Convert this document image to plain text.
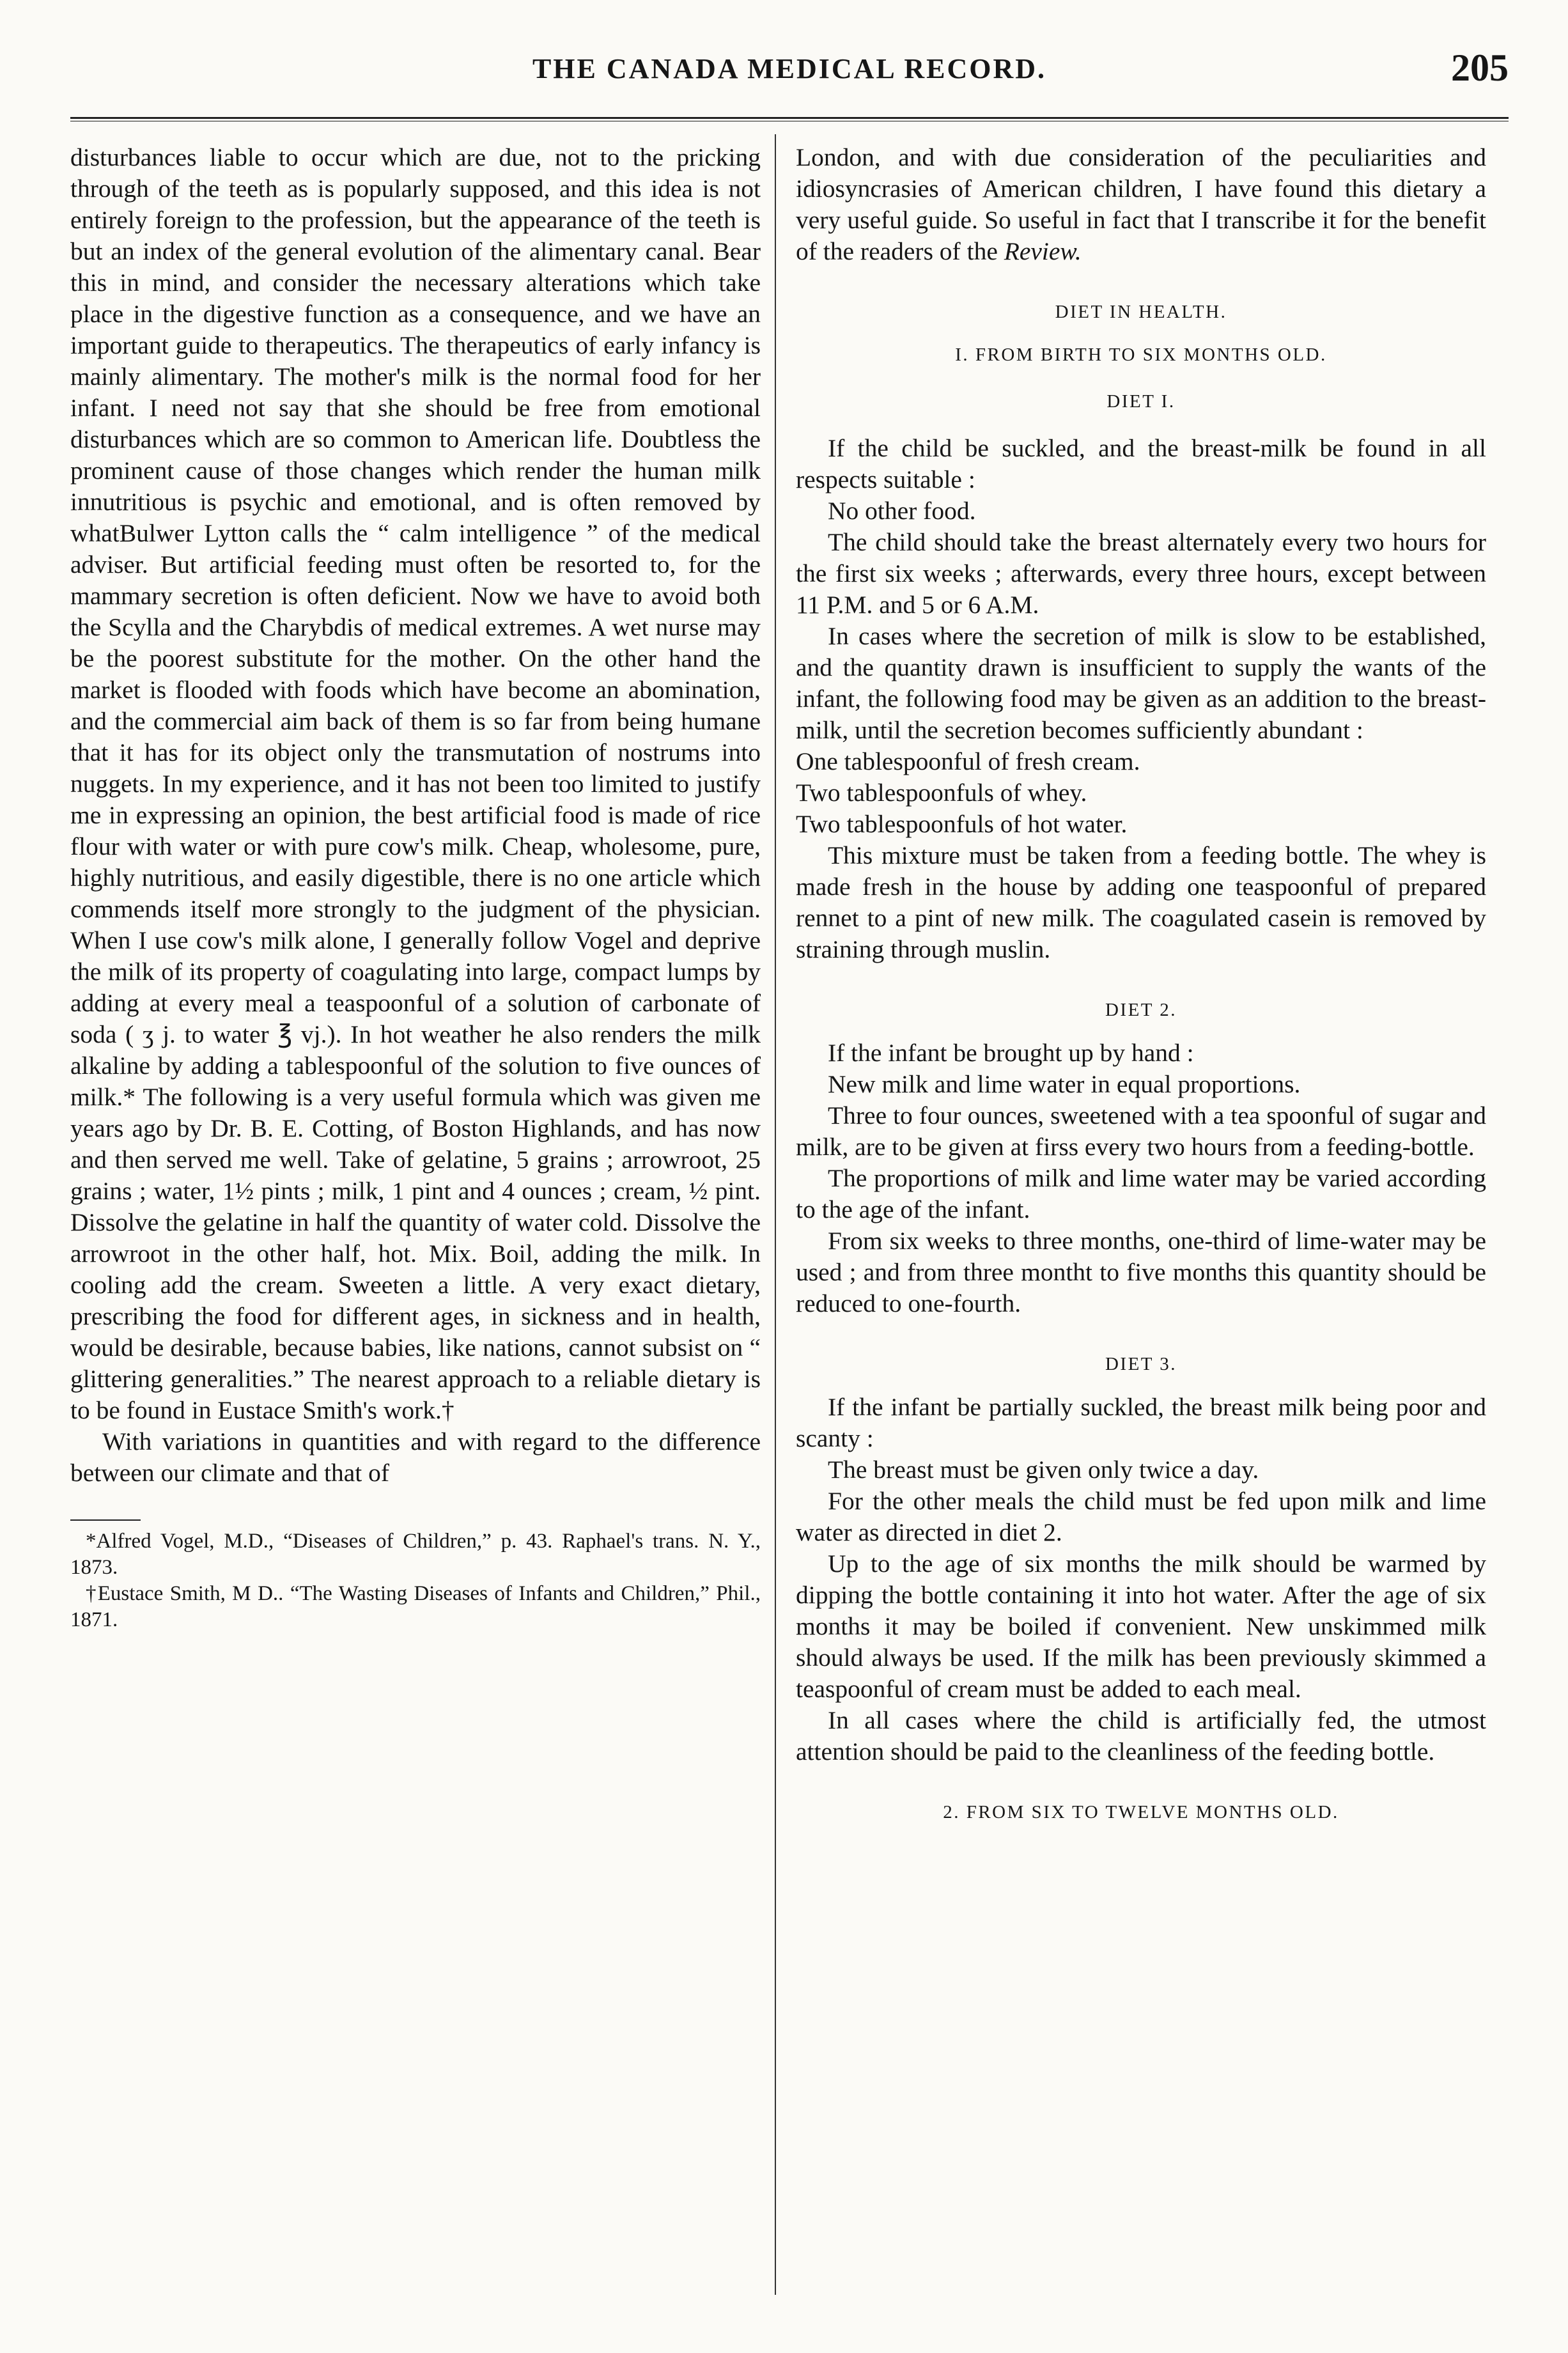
THE CANADA MEDICAL RECORD.	205

disturbances liable to occur which are due, not to the pricking through of the teeth as is popularly supposed, and this idea is not entirely foreign to the profession, but the appearance of the teeth is but an index of the general evolution of the alimentary canal. Bear this in mind, and consider the necessary alterations which take place in the digestive function as a consequence, and we have an important guide to therapeutics. The therapeutics of early infancy is mainly alimentary. The mother's milk is the normal food for her infant. I need not say that she should be free from emotional disturbances which are so common to American life. Doubtless the prominent cause of those changes which render the human milk innutritious is psychic and emotional, and is often removed by whatBulwer Lytton calls the “ calm intelligence ” of the medical adviser. But artificial feeding must often be resorted to, for the mammary secretion is often deficient. Now we have to avoid both the Scylla and the Charybdis of medical extremes. A wet nurse may be the poorest substitute for the mother. On the other hand the market is flooded with foods which have become an abomination, and the commercial aim back of them is so far from being humane that it has for its object only the transmutation of nostrums into nuggets. In my experience, and it has not been too limited to justify me in expressing an opinion, the best artificial food is made of rice flour with water or with pure cow's milk. Cheap, wholesome, pure, highly nutritious, and easily digestible, there is no one article which commends itself more strongly to the judgment of the physician. When I use cow's milk alone, I generally follow Vogel and deprive the milk of its property of coagulating into large, compact lumps by adding at every meal a teaspoonful of a solution of carbonate of soda ( ʒ j. to water ℥ vj.). In hot weather he also renders the milk alkaline by adding a tablespoonful of the solution to five ounces of milk.* The following is a very useful formula which was given me years ago by Dr. B. E. Cotting, of Boston Highlands, and has now and then served me well. Take of gelatine, 5 grains ; arrowroot, 25 grains ; water, 1½ pints ; milk, 1 pint and 4 ounces ; cream, ½ pint. Dissolve the gelatine in half the quantity of water cold. Dissolve the arrowroot in the other half, hot. Mix. Boil, adding the milk. In cooling add the cream. Sweeten a little. A very exact dietary, prescribing the food for different ages, in sickness and in health, would be desirable, because babies, like nations, cannot subsist on “ glittering generalities.” The nearest approach to a reliable dietary is to be found in Eustace Smith's work.†

With variations in quantities and with regard to the difference between our climate and that of

*Alfred Vogel, M.D., “Diseases of Children,” p. 43. Raphael's trans. N. Y., 1873.

†Eustace Smith, M D.. “The Wasting Diseases of Infants and Children,” Phil., 1871.

London, and with due consideration of the peculiarities and idiosyncrasies of American children, I have found this dietary a very useful guide. So useful in fact that I transcribe it for the benefit of the readers of the Review.

DIET IN HEALTH.
I. FROM BIRTH TO SIX MONTHS OLD.
DIET I.

If the child be suckled, and the breast-milk be found in all respects suitable :

No other food.

The child should take the breast alternately every two hours for the first six weeks ; afterwards, every three hours, except between 11 P.M. and 5 or 6 A.M.

In cases where the secretion of milk is slow to be established, and the quantity drawn is insufficient to supply the wants of the infant, the following food may be given as an addition to the breast-milk, until the secretion becomes sufficiently abundant :

One tablespoonful of fresh cream.

Two tablespoonfuls of whey.

Two tablespoonfuls of hot water.

This mixture must be taken from a feeding bottle. The whey is made fresh in the house by adding one teaspoonful of prepared rennet to a pint of new milk. The coagulated casein is removed by straining through muslin.

DIET 2.

If the infant be brought up by hand :

New milk and lime water in equal proportions.

Three to four ounces, sweetened with a tea spoonful of sugar and milk, are to be given at firss every two hours from a feeding-bottle.

The proportions of milk and lime water may be varied according to the age of the infant.

From six weeks to three months, one-third of lime-water may be used ; and from three montht to five months this quantity should be reduced to one-fourth.

DIET 3.

If the infant be partially suckled, the breast milk being poor and scanty :

The breast must be given only twice a day.

For the other meals the child must be fed upon milk and lime water as directed in diet 2.

Up to the age of six months the milk should be warmed by dipping the bottle containing it into hot water. After the age of six months it may be boiled if convenient. New unskimmed milk should always be used. If the milk has been previously skimmed a teaspoonful of cream must be added to each meal.

In all cases where the child is artificially fed, the utmost attention should be paid to the cleanliness of the feeding bottle.

2. FROM SIX TO TWELVE MONTHS OLD.
